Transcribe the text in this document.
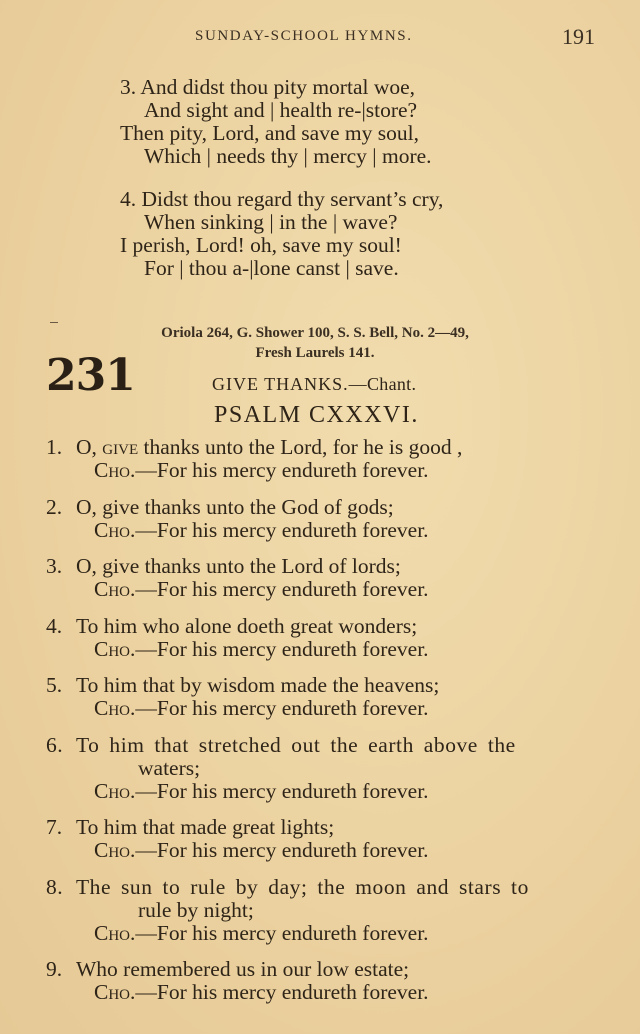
SUNDAY-SCHOOL HYMNS.	191
3. And didst thou pity mortal woe,
And sight and | health re-|store?
Then pity, Lord, and save my soul,
Which | needs thy | mercy | more.
4. Didst thou regard thy servant’s cry,
When sinking | in the | wave?
I perish, Lord! oh, save my soul!
For | thou a-|lone canst | save.
Oriola 264, G. Shower 100, S. S. Bell, No. 2—49,
Fresh Laurels 141.
231	GIVE THANKS.—Chant.
PSALM CXXXVI.
1. O, give thanks unto the Lord, for he is good ,
Cho.—For his mercy endureth forever.
2. O, give thanks unto the God of gods;
Cho.—For his mercy endureth forever.
3. O, give thanks unto the Lord of lords;
Cho.—For his mercy endureth forever.
4. To him who alone doeth great wonders;
Cho.—For his mercy endureth forever.
5. To him that by wisdom made the heavens;
Cho.—For his mercy endureth forever.
6. To him that stretched out the earth above the
waters;
Cho.—For his mercy endureth forever.
7. To him that made great lights;
Cho.—For his mercy endureth forever.
8. The sun to rule by day; the moon and stars to
rule by night;
Cho.—For his mercy endureth forever.
9. Who remembered us in our low estate;
Cho.—For his mercy endureth forever.
